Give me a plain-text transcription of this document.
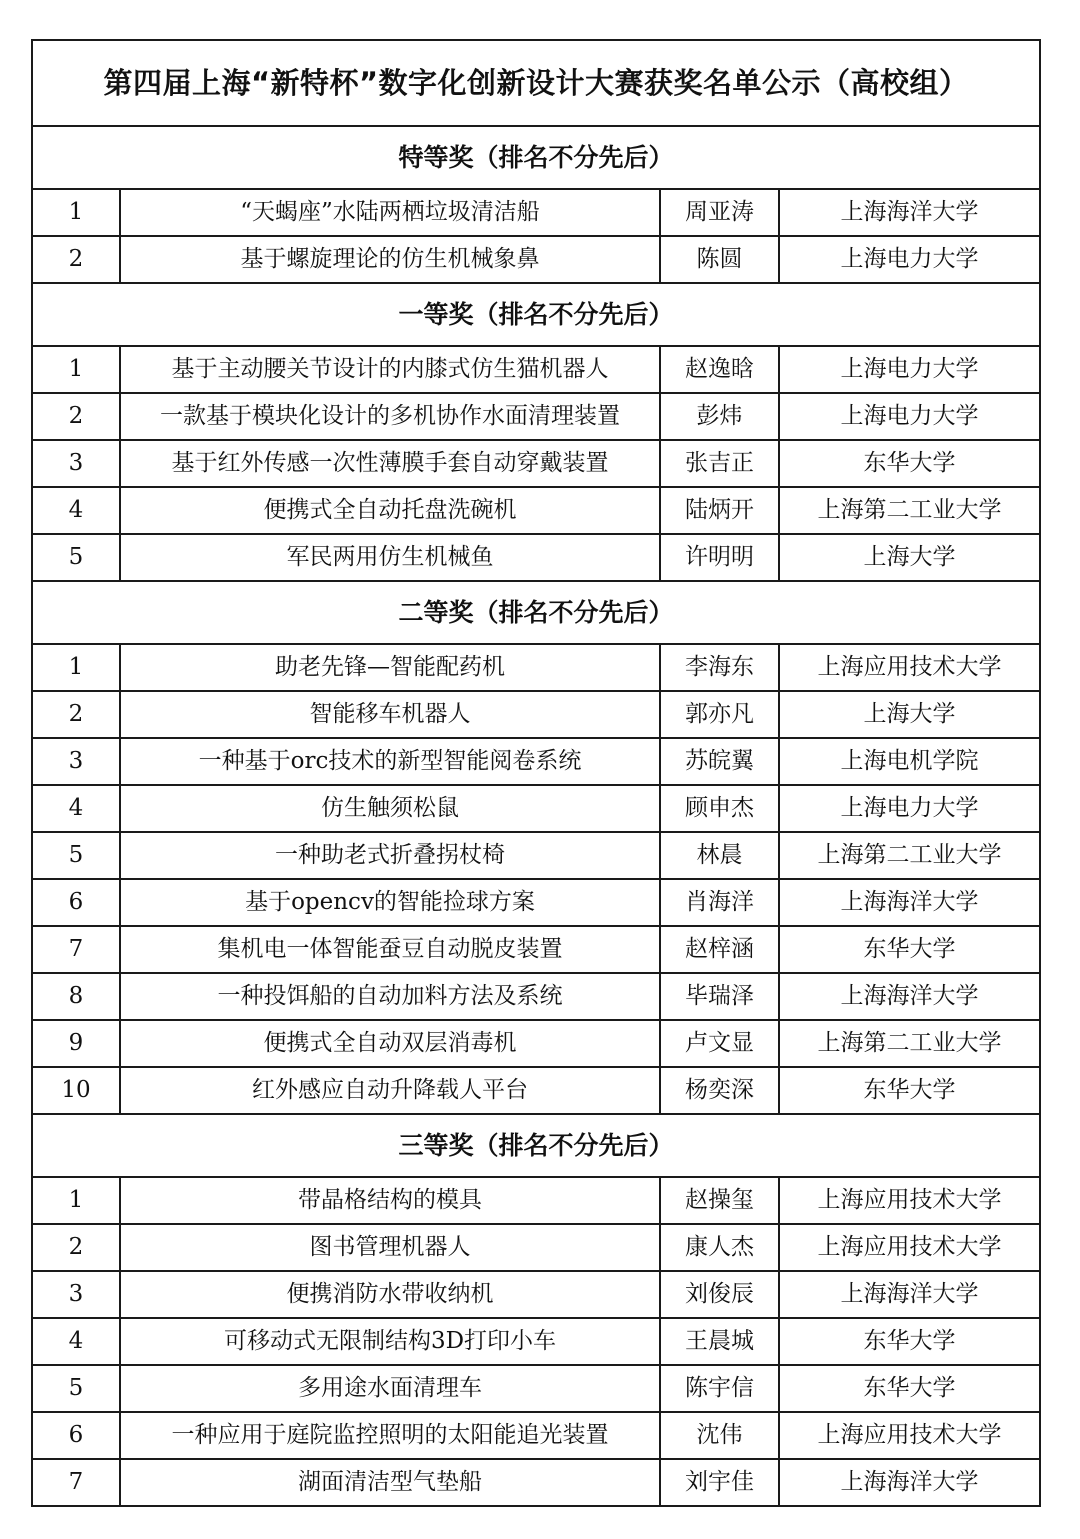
第四届上海“新特杯”数字化创新设计大赛获奖名单公示（高校组）			
特等奖（排名不分先后）			
1	“天蝎座”水陆两栖垃圾清洁船	周亚涛	上海海洋大学
2	基于螺旋理论的仿生机械象鼻	陈圆	上海电力大学
一等奖（排名不分先后）			
1	基于主动腰关节设计的内膝式仿生猫机器人	赵逸晗	上海电力大学
2	一款基于模块化设计的多机协作水面清理装置	彭炜	上海电力大学
3	基于红外传感一次性薄膜手套自动穿戴装置	张吉正	东华大学
4	便携式全自动托盘洗碗机	陆炳开	上海第二工业大学
5	军民两用仿生机械鱼	许明明	上海大学
二等奖（排名不分先后）			
1	助老先锋—智能配药机	李海东	上海应用技术大学
2	智能移车机器人	郭亦凡	上海大学
3	一种基于orc技术的新型智能阅卷系统	苏皖翼	上海电机学院
4	仿生触须松鼠	顾申杰	上海电力大学
5	一种助老式折叠拐杖椅	林晨	上海第二工业大学
6	基于opencv的智能捡球方案	肖海洋	上海海洋大学
7	集机电一体智能蚕豆自动脱皮装置	赵梓涵	东华大学
8	一种投饵船的自动加料方法及系统	毕瑞泽	上海海洋大学
9	便携式全自动双层消毒机	卢文显	上海第二工业大学
10	红外感应自动升降载人平台	杨奕深	东华大学
三等奖（排名不分先后）			
1	带晶格结构的模具	赵操玺	上海应用技术大学
2	图书管理机器人	康人杰	上海应用技术大学
3	便携消防水带收纳机	刘俊辰	上海海洋大学
4	可移动式无限制结构3D打印小车	王晨城	东华大学
5	多用途水面清理车	陈宇信	东华大学
6	一种应用于庭院监控照明的太阳能追光装置	沈伟	上海应用技术大学
7	湖面清洁型气垫船	刘宇佳	上海海洋大学
